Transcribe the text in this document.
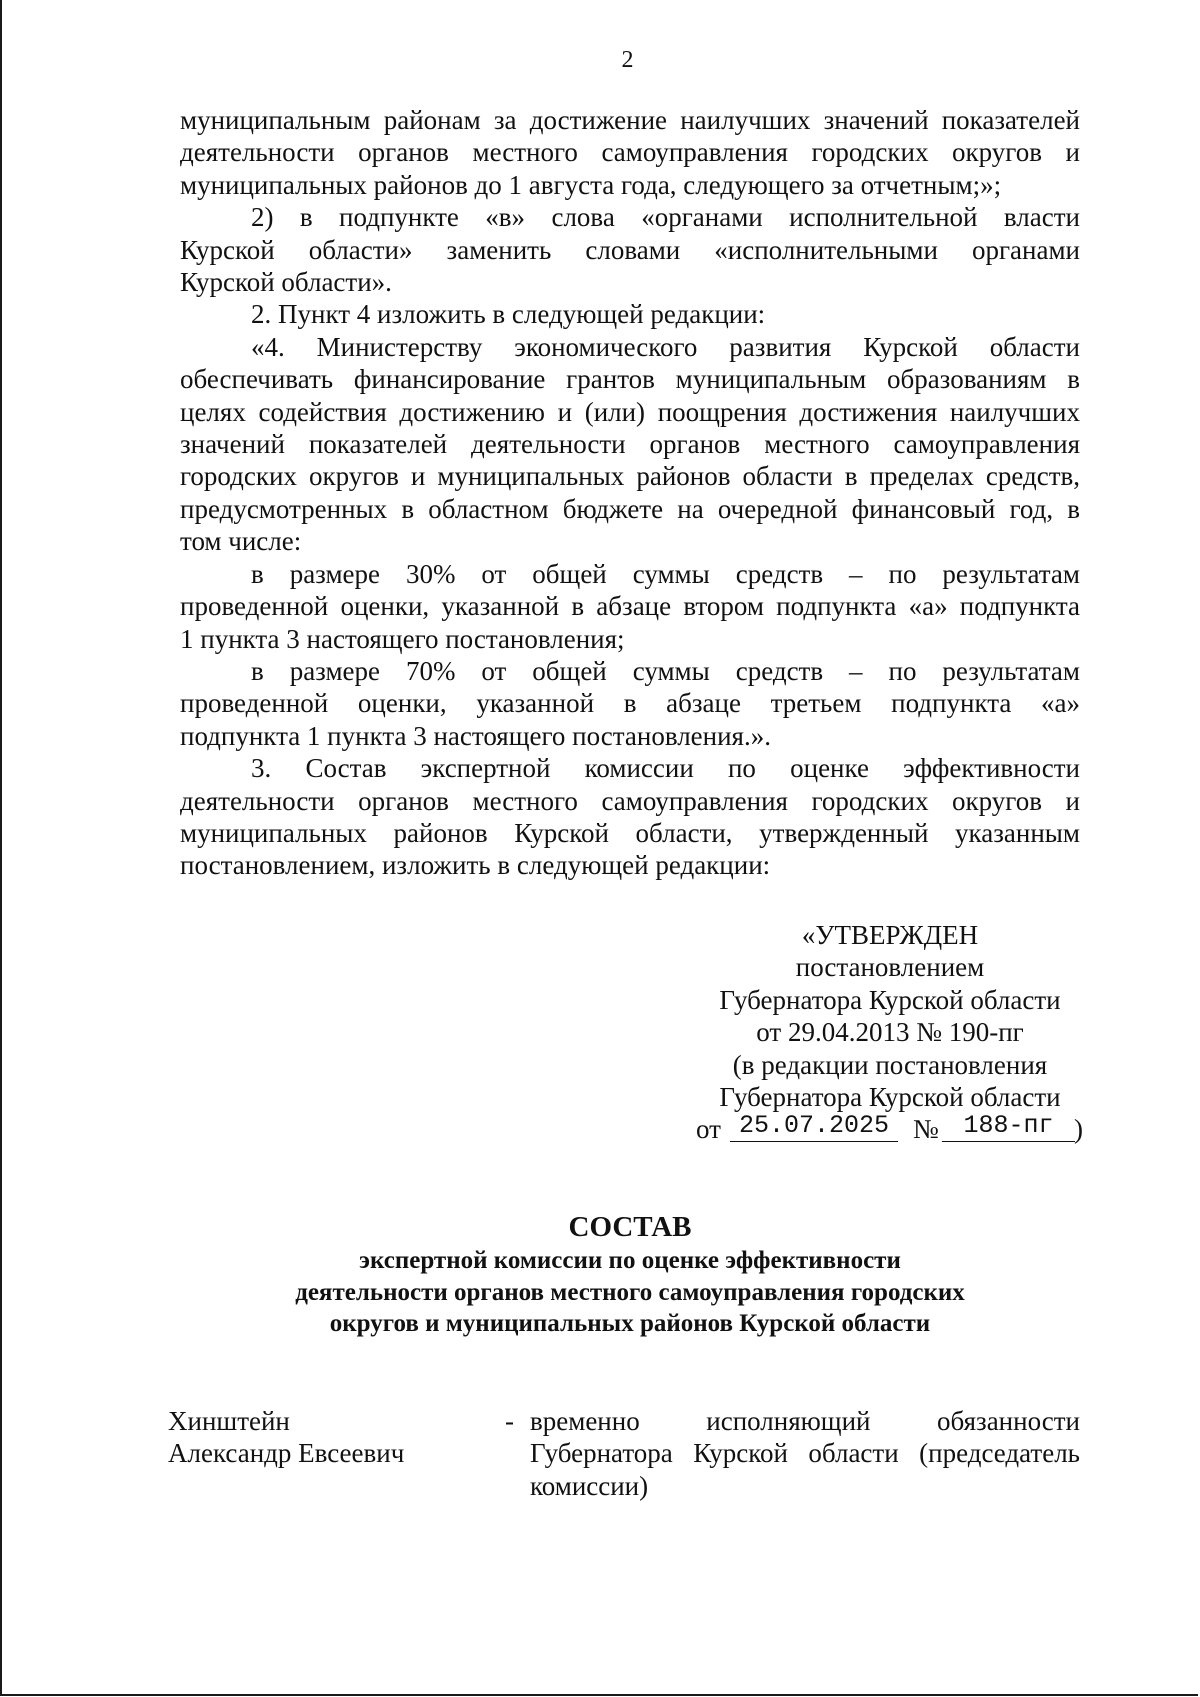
2

муниципальным районам за достижение наилучших значений показателей
деятельности органов местного самоуправления городских округов и
муниципальных районов до 1 августа года, следующего за отчетным;»;

2) в подпункте «в» слова «органами исполнительной власти
Курской области» заменить словами «исполнительными органами
Курской области».

2. Пункт 4 изложить в следующей редакции:

«4. Министерству экономического развития Курской области
обеспечивать финансирование грантов муниципальным образованиям в
целях содействия достижению и (или) поощрения достижения наилучших
значений показателей деятельности органов местного самоуправления
городских округов и муниципальных районов области в пределах средств,
предусмотренных в областном бюджете на очередной финансовый год, в
том числе:

в размере 30% от общей суммы средств – по результатам
проведенной оценки, указанной в абзаце втором подпункта «а» подпункта
1 пункта 3 настоящего постановления;

в размере 70% от общей суммы средств – по результатам
проведенной оценки, указанной в абзаце третьем подпункта «а»
подпункта 1 пункта 3 настоящего постановления.».

3. Состав экспертной комиссии по оценке эффективности
деятельности органов местного самоуправления городских округов и
муниципальных районов Курской области, утвержденный указанным
постановлением, изложить в следующей редакции:

«УТВЕРЖДЕН
постановлением
Губернатора Курской области
от 29.04.2013 № 190-пг
(в редакции постановления
Губернатора Курской области
от 25.07.2025 № 188-пг )
СОСТАВ
экспертной комиссии по оценке эффективности
деятельности органов местного самоуправления городских
округов и муниципальных районов Курской области
Хинштейн
Александр Евсеевич
- временно исполняющий обязанности
Губернатора Курской области (председатель
комиссии)
